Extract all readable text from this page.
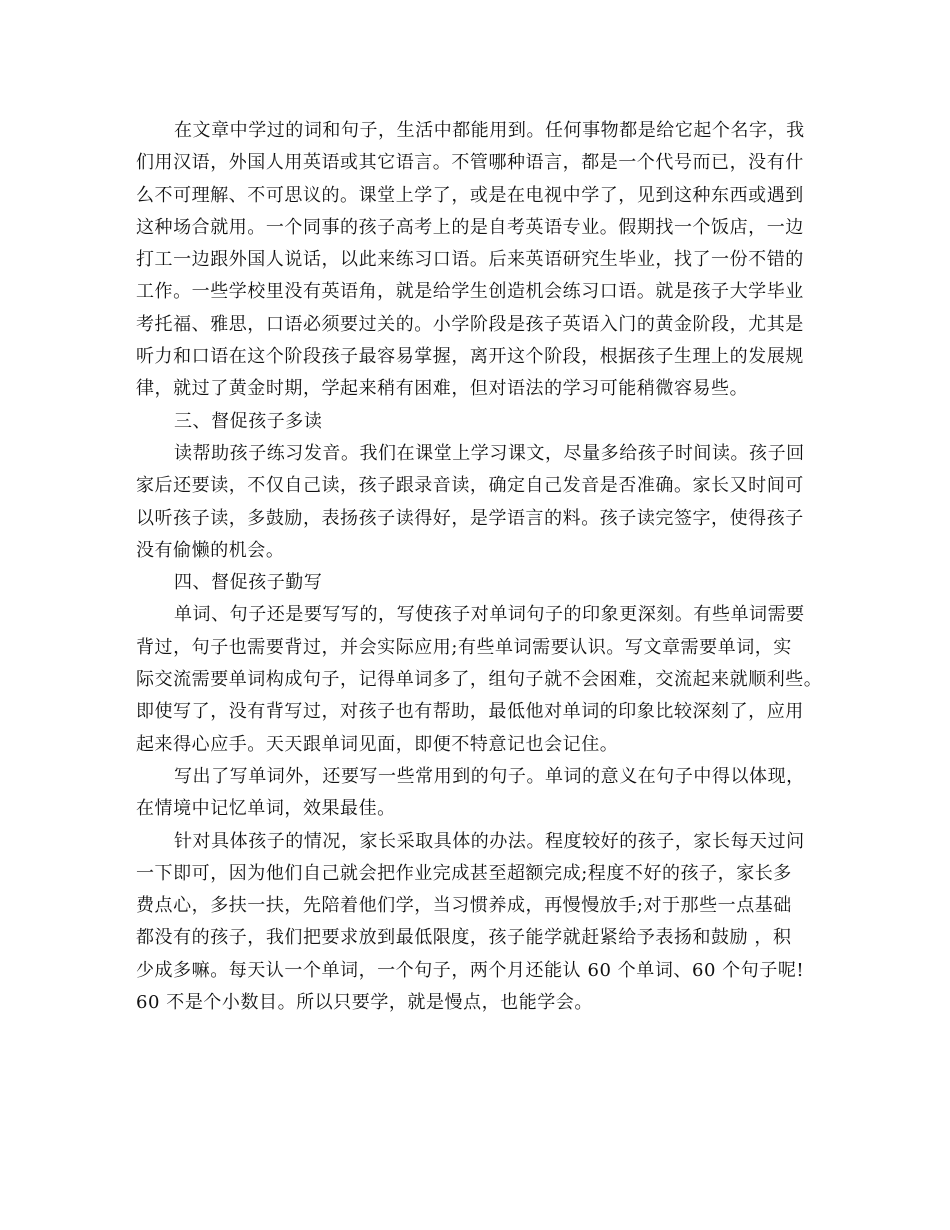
在文章中学过的词和句子，生活中都能用到。任何事物都是给它起个名字，我
们用汉语，外国人用英语或其它语言。不管哪种语言，都是一个代号而已，没有什
么不可理解、不可思议的。课堂上学了，或是在电视中学了，见到这种东西或遇到
这种场合就用。一个同事的孩子高考上的是自考英语专业。假期找一个饭店，一边
打工一边跟外国人说话，以此来练习口语。后来英语研究生毕业，找了一份不错的
工作。一些学校里没有英语角，就是给学生创造机会练习口语。就是孩子大学毕业
考托福、雅思，口语必须要过关的。小学阶段是孩子英语入门的黄金阶段，尤其是
听力和口语在这个阶段孩子最容易掌握，离开这个阶段，根据孩子生理上的发展规
律，就过了黄金时期，学起来稍有困难，但对语法的学习可能稍微容易些。
三、督促孩子多读
读帮助孩子练习发音。我们在课堂上学习课文，尽量多给孩子时间读。孩子回
家后还要读，不仅自己读，孩子跟录音读，确定自己发音是否准确。家长又时间可
以听孩子读，多鼓励，表扬孩子读得好，是学语言的料。孩子读完签字，使得孩子
没有偷懒的机会。
四、督促孩子勤写
单词、句子还是要写写的，写使孩子对单词句子的印象更深刻。有些单词需要
背过，句子也需要背过，并会实际应用;有些单词需要认识。写文章需要单词，实
际交流需要单词构成句子，记得单词多了，组句子就不会困难，交流起来就顺利些。
即使写了，没有背写过，对孩子也有帮助，最低他对单词的印象比较深刻了，应用
起来得心应手。天天跟单词见面，即便不特意记也会记住。
写出了写单词外，还要写一些常用到的句子。单词的意义在句子中得以体现，
在情境中记忆单词，效果最佳。
针对具体孩子的情况，家长采取具体的办法。程度较好的孩子，家长每天过问
一下即可，因为他们自己就会把作业完成甚至超额完成;程度不好的孩子，家长多
费点心，多扶一扶，先陪着他们学，当习惯养成，再慢慢放手;对于那些一点基础
都没有的孩子，我们把要求放到最低限度，孩子能学就赶紧给予表扬和鼓励 ，积
少成多嘛。每天认一个单词，一个句子，两个月还能认 60 个单词、60 个句子呢!
60 不是个小数目。所以只要学，就是慢点，也能学会。
